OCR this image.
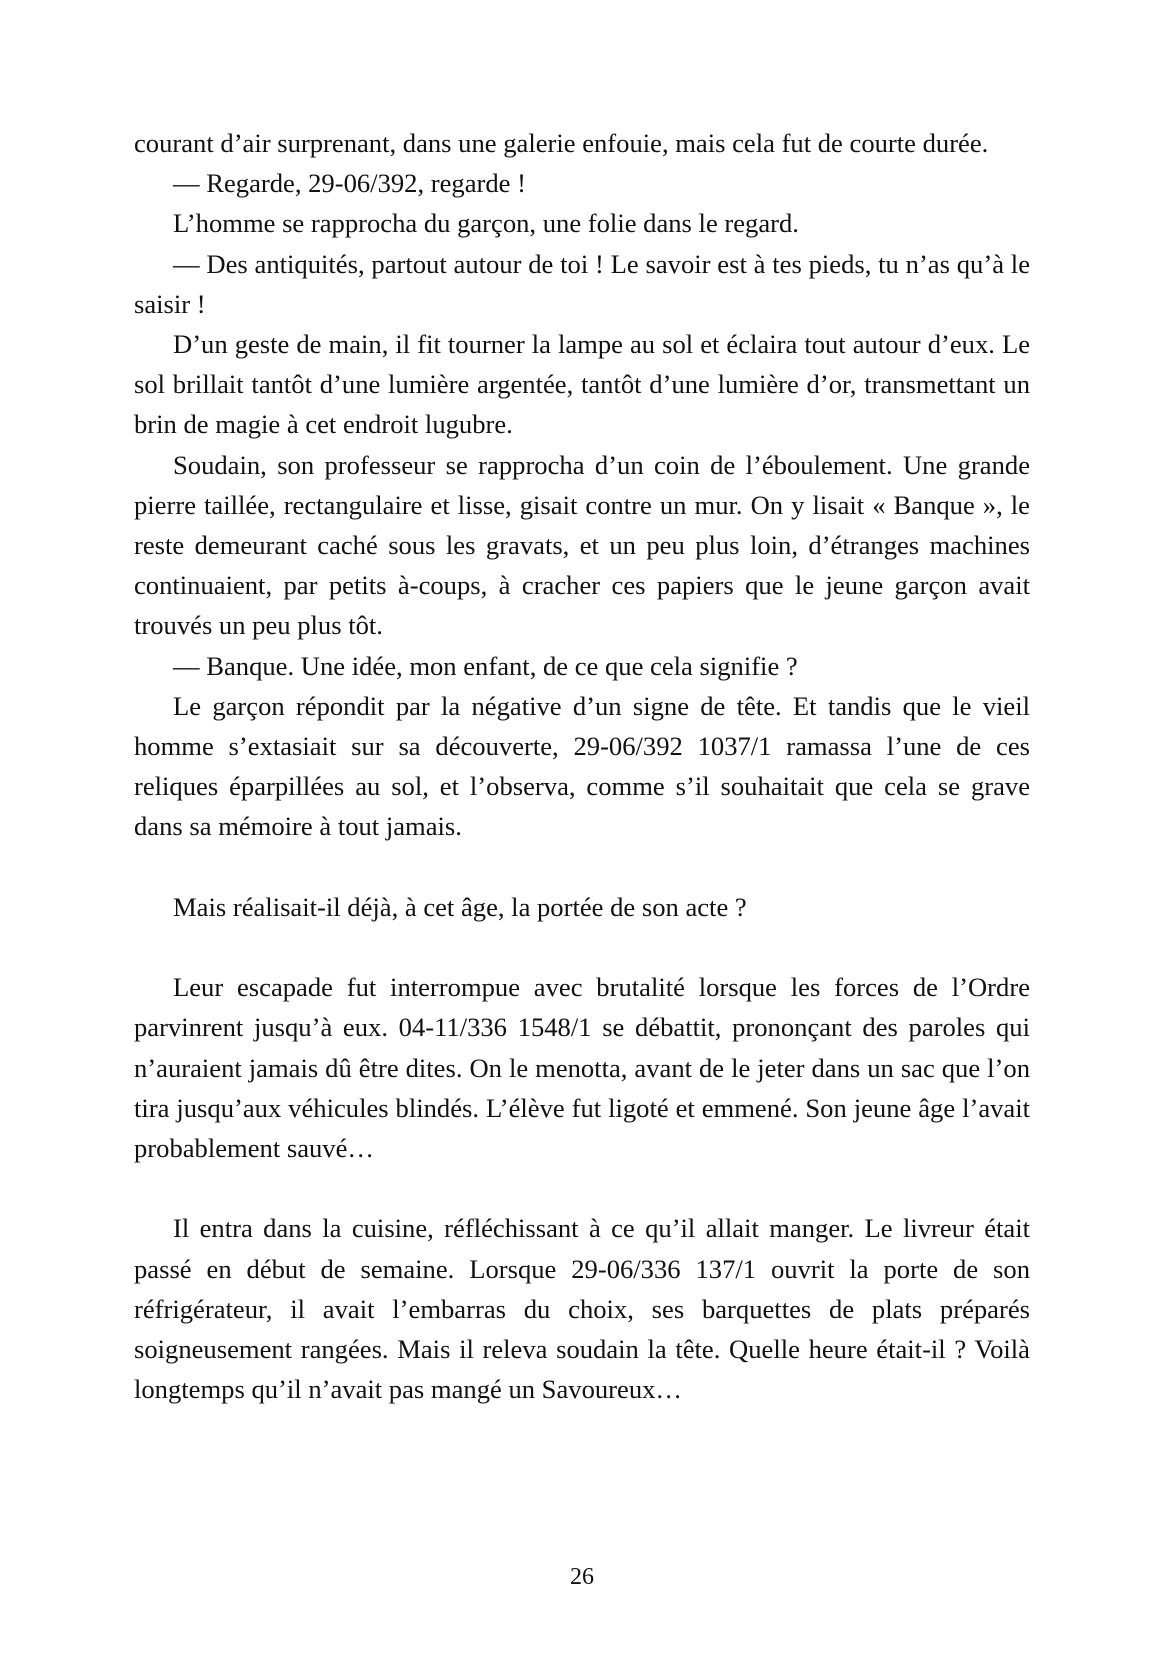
courant d’air surprenant, dans une galerie enfouie, mais cela fut de courte durée.

— Regarde, 29-06/392, regarde !

L’homme se rapprocha du garçon, une folie dans le regard.

— Des antiquités, partout autour de toi ! Le savoir est à tes pieds, tu n’as qu’à le saisir !

D’un geste de main, il fit tourner la lampe au sol et éclaira tout autour d’eux. Le sol brillait tantôt d’une lumière argentée, tantôt d’une lumière d’or, transmettant un brin de magie à cet endroit lugubre.

Soudain, son professeur se rapprocha d’un coin de l’éboulement. Une grande pierre taillée, rectangulaire et lisse, gisait contre un mur. On y lisait « Banque », le reste demeurant caché sous les gravats, et un peu plus loin, d’étranges machines continuaient, par petits à-coups, à cracher ces papiers que le jeune garçon avait trouvés un peu plus tôt.

— Banque. Une idée, mon enfant, de ce que cela signifie ?

Le garçon répondit par la négative d’un signe de tête. Et tandis que le vieil homme s’extasiait sur sa découverte, 29-06/392 1037/1 ramassa l’une de ces reliques éparpillées au sol, et l’observa, comme s’il souhaitait que cela se grave dans sa mémoire à tout jamais.

Mais réalisait-il déjà, à cet âge, la portée de son acte ?

Leur escapade fut interrompue avec brutalité lorsque les forces de l’Ordre parvinrent jusqu’à eux. 04-11/336 1548/1 se débattit, prononçant des paroles qui n’auraient jamais dû être dites. On le menotta, avant de le jeter dans un sac que l’on tira jusqu’aux véhicules blindés. L’élève fut ligoté et emmené. Son jeune âge l’avait probablement sauvé…

Il entra dans la cuisine, réfléchissant à ce qu’il allait manger. Le livreur était passé en début de semaine. Lorsque 29-06/336 137/1 ouvrit la porte de son réfrigérateur, il avait l’embarras du choix, ses barquettes de plats préparés soigneusement rangées. Mais il releva soudain la tête. Quelle heure était-il ? Voilà longtemps qu’il n’avait pas mangé un Savoureux…

26
